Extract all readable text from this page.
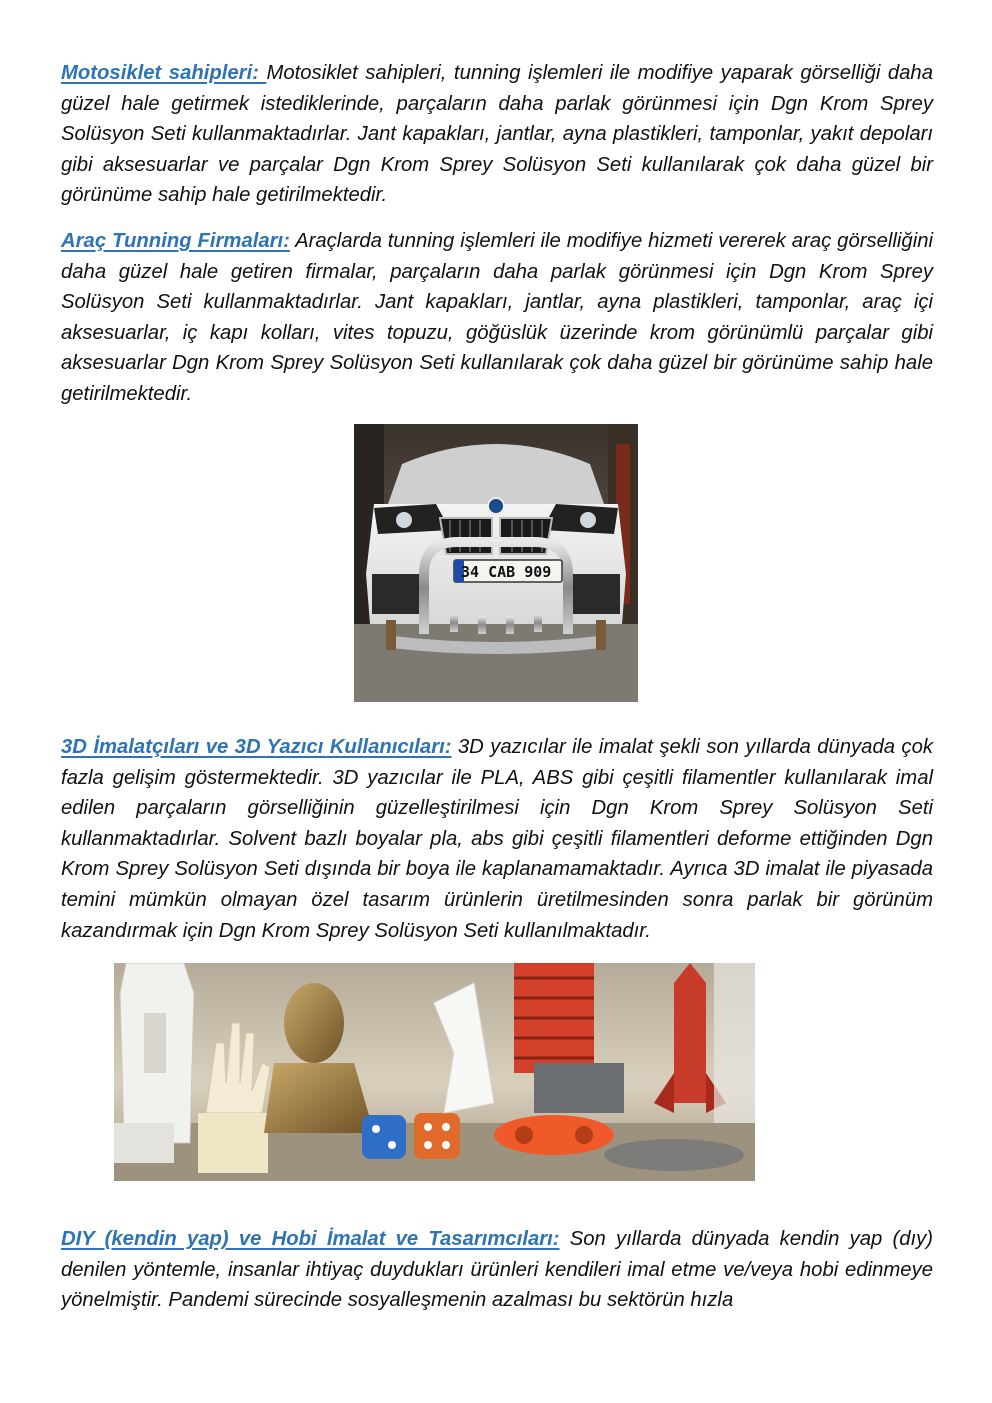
Motosiklet sahipleri: Motosiklet sahipleri, tunning işlemleri ile modifiye yaparak görselliği daha güzel hale getirmek istediklerinde, parçaların daha parlak görünmesi için Dgn Krom Sprey Solüsyon Seti kullanmaktadırlar. Jant kapakları, jantlar, ayna plastikleri, tamponlar, yakıt depoları gibi aksesuarlar ve parçalar Dgn Krom Sprey Solüsyon Seti kullanılarak çok daha güzel bir görünüme sahip hale getirilmektedir.

Araç Tunning Firmaları: Araçlarda tunning işlemleri ile modifiye hizmeti vererek araç görselliğini daha güzel hale getiren firmalar, parçaların daha parlak görünmesi için Dgn Krom Sprey Solüsyon Seti kullanmaktadırlar. Jant kapakları, jantlar, ayna plastikleri, tamponlar, araç içi aksesuarlar, iç kapı kolları, vites topuzu, göğüslük üzerinde krom görünümlü parçalar gibi aksesuarlar Dgn Krom Sprey Solüsyon Seti kullanılarak çok daha güzel bir görünüme sahip hale getirilmektedir.

34 CAB 909

3D İmalatçıları ve 3D Yazıcı Kullanıcıları: 3D yazıcılar ile imalat şekli son yıllarda dünyada çok fazla gelişim göstermektedir. 3D yazıcılar ile PLA, ABS gibi çeşitli filamentler kullanılarak imal edilen parçaların görselliğinin güzelleştirilmesi için Dgn Krom Sprey Solüsyon Seti kullanmaktadırlar. Solvent bazlı boyalar pla, abs gibi çeşitli filamentleri deforme ettiğinden Dgn Krom Sprey Solüsyon Seti dışında bir boya ile kaplanamamaktadır. Ayrıca 3D imalat ile piyasada temini mümkün olmayan özel tasarım ürünlerin üretilmesinden sonra parlak bir görünüm kazandırmak için Dgn Krom Sprey Solüsyon Seti kullanılmaktadır.

DIY (kendin yap) ve Hobi İmalat ve Tasarımcıları: Son yıllarda dünyada kendin yap (dıy) denilen yöntemle, insanlar ihtiyaç duydukları ürünleri kendileri imal etme ve/veya hobi edinmeye yönelmiştir. Pandemi sürecinde sosyalleşmenin azalması bu sektörün hızla
